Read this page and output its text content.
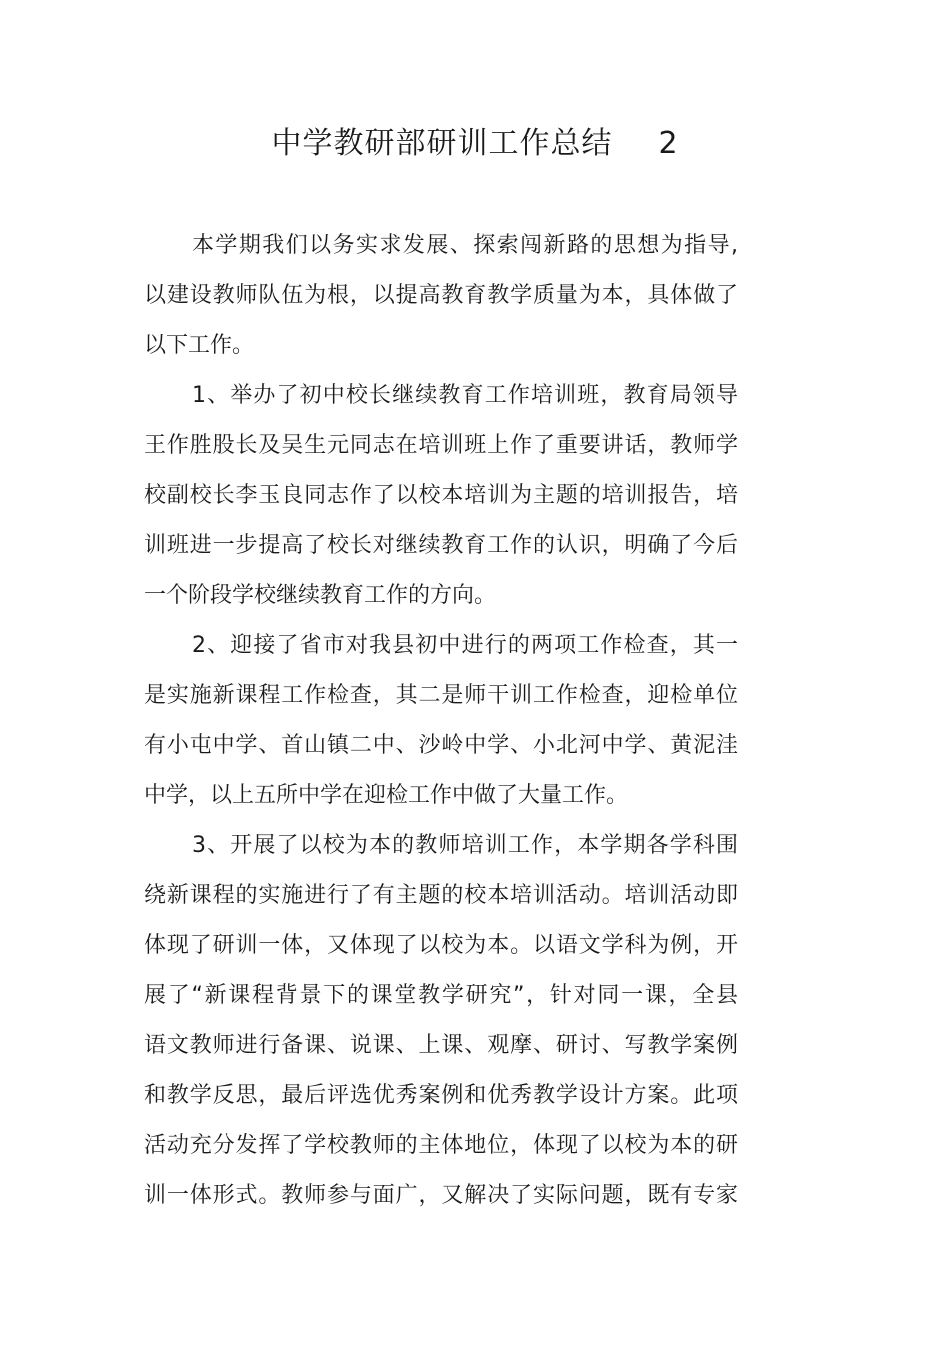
中学教研部研训工作总结 2
本学期我们以务实求发展、探索闯新路的思想为指导,
以建设教师队伍为根，以提高教育教学质量为本，具体做了
以下工作。
1、举办了初中校长继续教育工作培训班，教育局领导
王作胜股长及吴生元同志在培训班上作了重要讲话，教师学
校副校长李玉良同志作了以校本培训为主题的培训报告，培
训班进一步提高了校长对继续教育工作的认识，明确了今后
一个阶段学校继续教育工作的方向。
2、迎接了省市对我县初中进行的两项工作检查，其一
是实施新课程工作检查，其二是师干训工作检查，迎检单位
有小屯中学、首山镇二中、沙岭中学、小北河中学、黄泥洼
中学，以上五所中学在迎检工作中做了大量工作。
3、开展了以校为本的教师培训工作，本学期各学科围
绕新课程的实施进行了有主题的校本培训活动。培训活动即
体现了研训一体，又体现了以校为本。以语文学科为例，开
展了“新课程背景下的课堂教学研究”，针对同一课，全县
语文教师进行备课、说课、上课、观摩、研讨、写教学案例
和教学反思，最后评选优秀案例和优秀教学设计方案。此项
活动充分发挥了学校教师的主体地位，体现了以校为本的研
训一体形式。教师参与面广，又解决了实际问题，既有专家
